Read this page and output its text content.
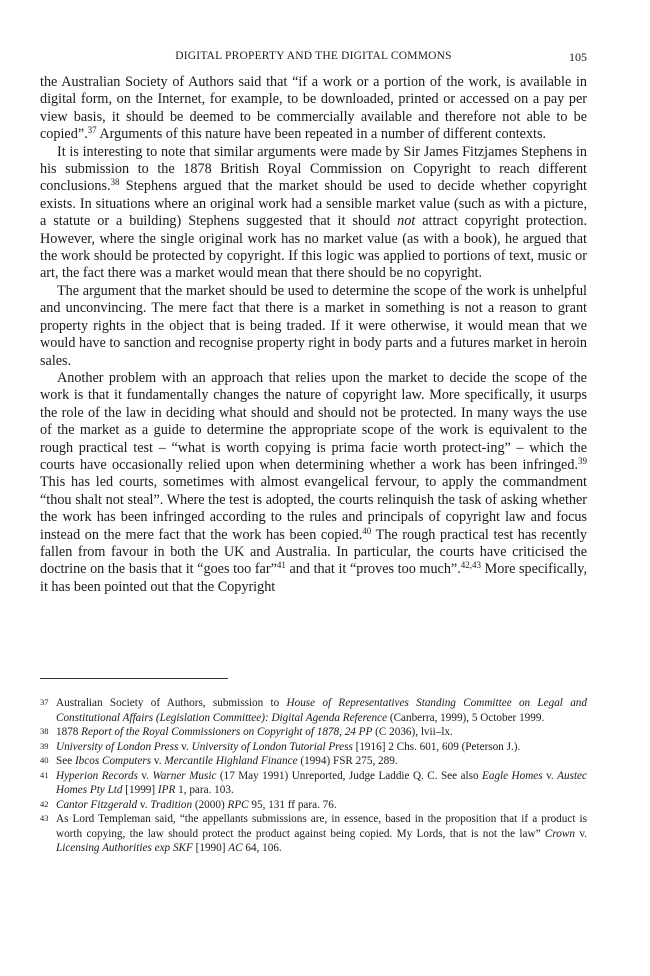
DIGITAL PROPERTY AND THE DIGITAL COMMONS	105

the Australian Society of Authors said that “if a work or a portion of the work, is available in digital form, on the Internet, for example, to be downloaded, printed or accessed on a pay per view basis, it should be deemed to be commercially available and therefore not able to be copied”.$^{37}$ Arguments of this nature have been repeated in a number of different contexts.

It is interesting to note that similar arguments were made by Sir James Fitzjames Stephens in his submission to the 1878 British Royal Commission on Copyright to reach different conclusions.$^{38}$ Stephens argued that the market should be used to decide whether copyright exists. In situations where an original work had a sensible market value (such as with a picture, a statute or a building) Stephens suggested that it should not attract copyright protection. However, where the single original work has no market value (as with a book), he argued that the work should be protected by copyright. If this logic was applied to portions of text, music or art, the fact there was a market would mean that there should be no copyright.

The argument that the market should be used to determine the scope of the work is unhelpful and unconvincing. The mere fact that there is a market in something is not a reason to grant property rights in the object that is being traded. If it were otherwise, it would mean that we would have to sanction and recognise property right in body parts and a futures market in heroin sales.

Another problem with an approach that relies upon the market to decide the scope of the work is that it fundamentally changes the nature of copyright law. More specifically, it usurps the role of the law in deciding what should and should not be protected. In many ways the use of the market as a guide to determine the appropriate scope of the work is equivalent to the rough practical test – “what is worth copying is prima facie worth protect-ing” – which the courts have occasionally relied upon when determining whether a work has been infringed.$^{39}$ This has led courts, sometimes with almost evangelical fervour, to apply the commandment “thou shalt not steal”. Where the test is adopted, the courts relinquish the task of asking whether the work has been infringed according to the rules and principals of copyright law and focus instead on the mere fact that the work has been copied.$^{40}$ The rough practical test has recently fallen from favour in both the UK and Australia. In particular, the courts have criticised the doctrine on the basis that it “goes too far”$^{41}$ and that it “proves too much”.$^{42,43}$ More specifically, it has been pointed out that the Copyright

37 Australian Society of Authors, submission to House of Representatives Standing Committee on Legal and Constitutional Affairs (Legislation Committee): Digital Agenda Reference (Canberra, 1999), 5 October 1999.

38 1878 Report of the Royal Commissioners on Copyright of 1878, 24 PP (C 2036), lvii–lx.

39 University of London Press v. University of London Tutorial Press [1916] 2 Chs. 601, 609 (Peterson J.).

40 See Ibcos Computers v. Mercantile Highland Finance (1994) FSR 275, 289.

41 Hyperion Records v. Warner Music (17 May 1991) Unreported, Judge Laddie Q. C. See also Eagle Homes v. Austec Homes Pty Ltd [1999] IPR 1, para. 103.

42 Cantor Fitzgerald v. Tradition (2000) RPC 95, 131 ff para. 76.

43 As Lord Templeman said, “the appellants submissions are, in essence, based in the proposition that if a product is worth copying, the law should protect the product against being copied. My Lords, that is not the law” Crown v. Licensing Authorities exp SKF [1990] AC 64, 106.
